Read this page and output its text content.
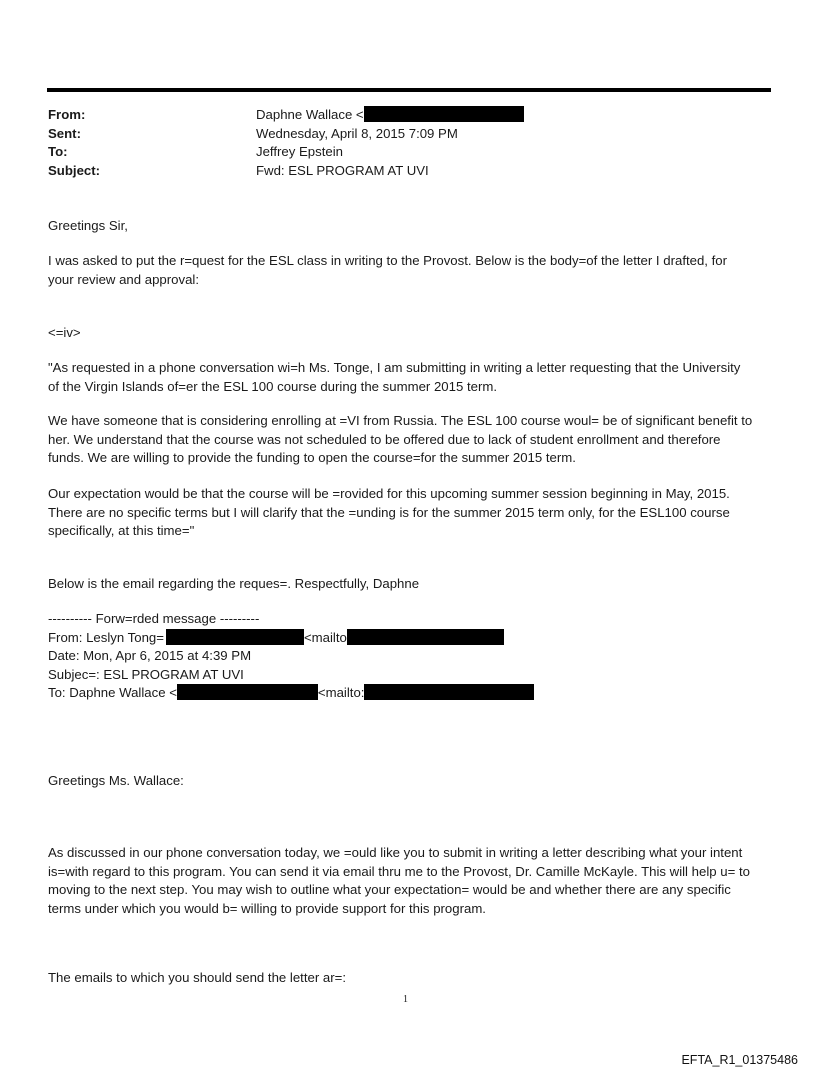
From:	Daphne Wallace <
Sent:	Wednesday, April 8, 2015 7:09 PM
To:	Jeffrey Epstein
Subject:	Fwd: ESL PROGRAM AT UVI
Greetings Sir,
I was asked to put the r=quest for the ESL class in writing to the Provost. Below is the body=of the letter I drafted, for
your review and approval:
<=iv>
"As requested in a phone conversation wi=h Ms. Tonge, I am submitting in writing a letter requesting that the University
of the Virgin Islands of=er the ESL 100 course during the summer 2015 term.
We have someone that is considering enrolling at =VI from Russia. The ESL 100 course woul= be of significant benefit to
her. We understand that the course was not scheduled to be offered due to lack of student enrollment and therefore
funds. We are willing to provide the funding to open the course=for the summer 2015 term.
Our expectation would be that the course will be =rovided for this upcoming summer session beginning in May, 2015.
There are no specific terms but I will clarify that the =unding is for the summer 2015 term only, for the ESL100 course
specifically, at this time="
Below is the email regarding the reques=. Respectfully, Daphne
---------- Forw=rded message ---------
From: Leslyn Tong=	<mailto
Date: Mon, Apr 6, 2015 at 4:39 PM
Subjec=: ESL PROGRAM AT UVI
To: Daphne Wallace <	<mailto:
Greetings Ms. Wallace:
As discussed in our phone conversation today, we =ould like you to submit in writing a letter describing what your intent
is=with regard to this program. You can send it via email thru me to the Provost, Dr. Camille McKayle. This will help u= to
moving to the next step. You may wish to outline what your expectation= would be and whether there are any specific
terms under which you would b= willing to provide support for this program.
The emails to which you should send the letter ar=:
1
EFTA_R1_01375486
